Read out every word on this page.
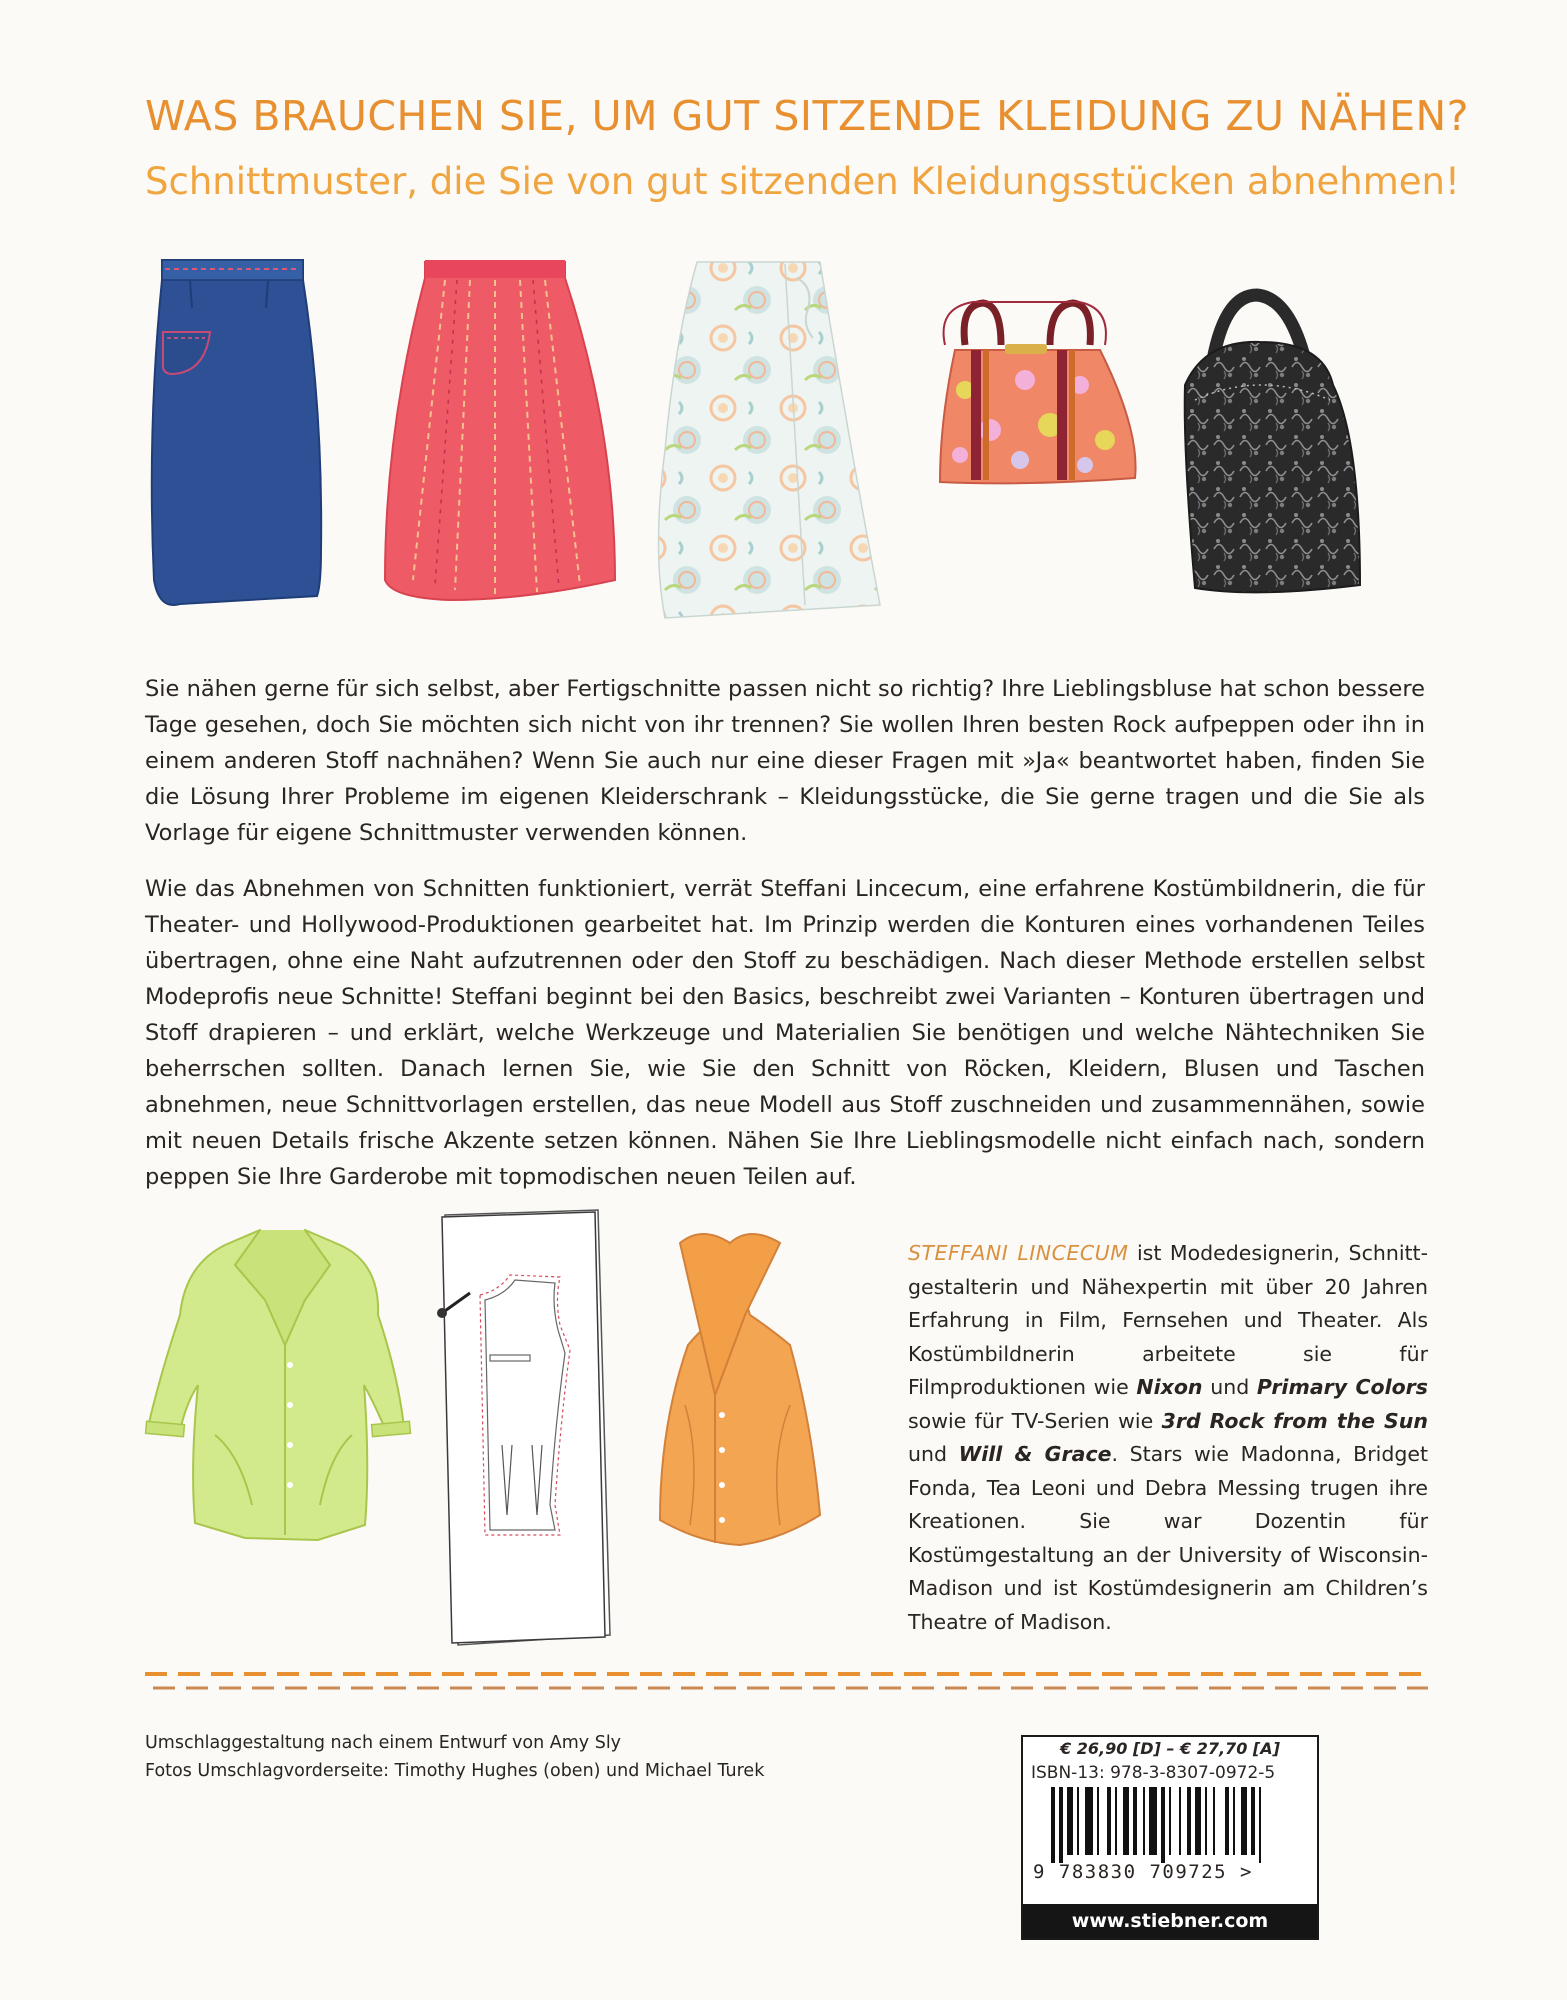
WAS BRAUCHEN SIE, UM GUT SITZENDE KLEIDUNG ZU NÄHEN?
Schnittmuster, die Sie von gut sitzenden Kleidungsstücken abnehmen!

Sie nähen gerne für sich selbst, aber Fertigschnitte passen nicht so richtig? Ihre Lieblingsbluse hat schon bessere Tage gesehen, doch Sie möchten sich nicht von ihr trennen? Sie wollen Ihren besten Rock aufpeppen oder ihn in einem anderen Stoff nachnähen? Wenn Sie auch nur eine dieser Fragen mit »Ja« beantwortet haben, finden Sie die Lösung Ihrer Probleme im eigenen Kleiderschrank – Kleidungsstücke, die Sie gerne tragen und die Sie als Vorlage für eigene Schnittmuster verwenden können.

Wie das Abnehmen von Schnitten funktioniert, verrät Steffani Lincecum, eine erfahrene Kostümbildnerin, die für Theater- und Hollywood-Produktionen gearbeitet hat. Im Prinzip werden die Konturen eines vorhandenen Teiles übertragen, ohne eine Naht aufzutrennen oder den Stoff zu beschädigen. Nach dieser Methode erstellen selbst Modeprofis neue Schnitte! Steffani beginnt bei den Basics, beschreibt zwei Varianten – Konturen übertragen und Stoff drapieren – und erklärt, welche Werkzeuge und Materialien Sie benötigen und welche Nähtechniken Sie beherrschen sollten. Danach lernen Sie, wie Sie den Schnitt von Röcken, Kleidern, Blusen und Taschen abnehmen, neue Schnittvorlagen erstellen, das neue Modell aus Stoff zuschneiden und zusammennähen, sowie mit neuen Details frische Akzente setzen können. Nähen Sie Ihre Lieblingsmodelle nicht einfach nach, sondern peppen Sie Ihre Garderobe mit topmodischen neuen Teilen auf.

STEFFANI LINCECUM ist Modedesignerin, Schnittgestalterin und Nähexpertin mit über 20 Jahren Erfahrung in Film, Fernsehen und Theater. Als Kostümbildnerin arbeitete sie für Filmproduktionen wie Nixon und Primary Colors sowie für TV-Serien wie 3rd Rock from the Sun und Will & Grace. Stars wie Madonna, Bridget Fonda, Tea Leoni und Debra Messing trugen ihre Kreationen. Sie war Dozentin für Kostümgestaltung an der University of Wisconsin-Madison und ist Kostümdesignerin am Children’s Theatre of Madison.

Umschlaggestaltung nach einem Entwurf von Amy Sly
Fotos Umschlagvorderseite: Timothy Hughes (oben) und Michael Turek
€ 26,90 [D] – € 27,70 [A]
ISBN-13: 978-3-8307-0972-5
9 783830 709725 >
www.stiebner.com
